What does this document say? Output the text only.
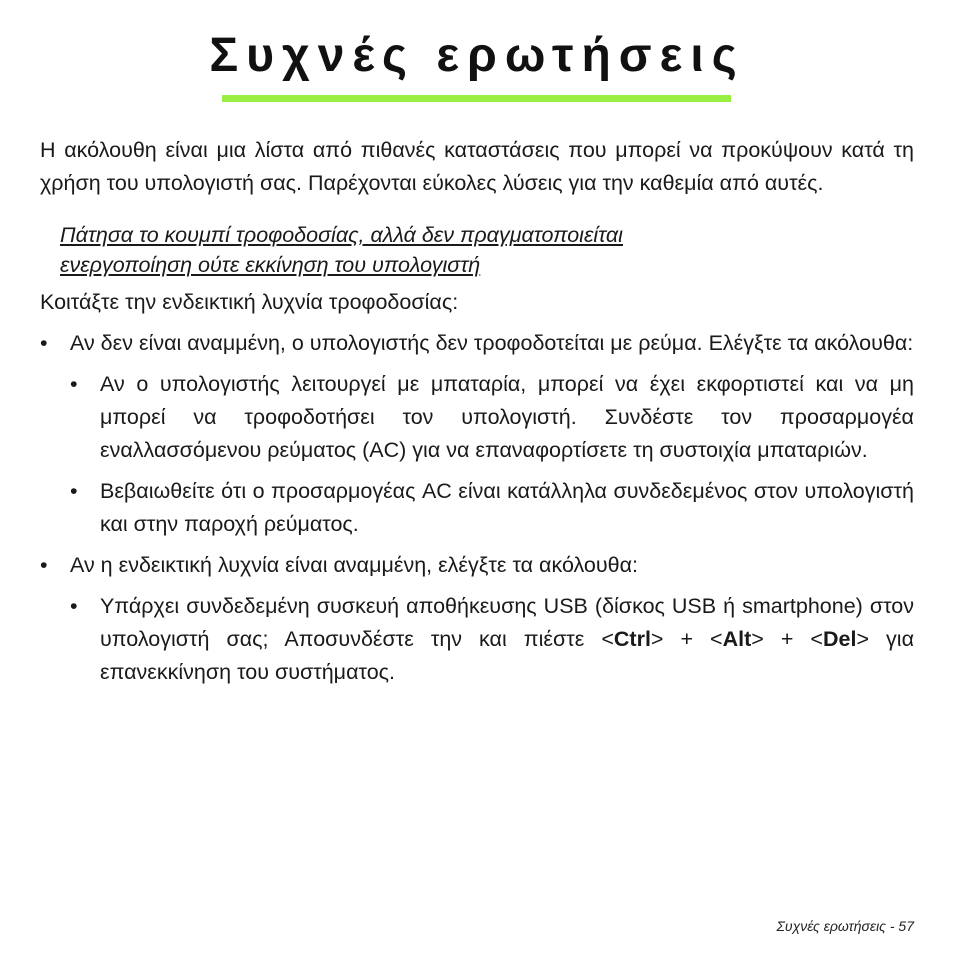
Συχνές ερωτήσεις

Η ακόλουθη είναι μια λίστα από πιθανές καταστάσεις που μπορεί να προκύψουν κατά τη χρήση του υπολογιστή σας. Παρέχονται εύκολες λύσεις για την καθεμία από αυτές.

Πάτησα το κουμπί τροφοδοσίας, αλλά δεν πραγματοποιείται
ενεργοποίηση ούτε εκκίνηση του υπολογιστή

Κοιτάξτε την ενδεικτική λυχνία τροφοδοσίας:

• Αν δεν είναι αναμμένη, ο υπολογιστής δεν τροφοδοτείται με ρεύμα. Ελέγξτε τα ακόλουθα:
• Αν ο υπολογιστής λειτουργεί με μπαταρία, μπορεί να έχει εκφορτιστεί και να μη μπορεί να τροφοδοτήσει τον υπολογιστή. Συνδέστε τον προσαρμογέα εναλλασσόμενου ρεύματος (AC) για να επαναφορτίσετε τη συστοιχία μπαταριών.
• Βεβαιωθείτε ότι ο προσαρμογέας AC είναι κατάλληλα συνδεδεμένος στον υπολογιστή και στην παροχή ρεύματος.
• Αν η ενδεικτική λυχνία είναι αναμμένη, ελέγξτε τα ακόλουθα:
• Υπάρχει συνδεδεμένη συσκευή αποθήκευσης USB (δίσκος USB ή smartphone) στον υπολογιστή σας; Αποσυνδέστε την και πιέστε <Ctrl> + <Alt> + <Del> για επανεκκίνηση του συστήματος.
Συχνές ερωτήσεις - 57
